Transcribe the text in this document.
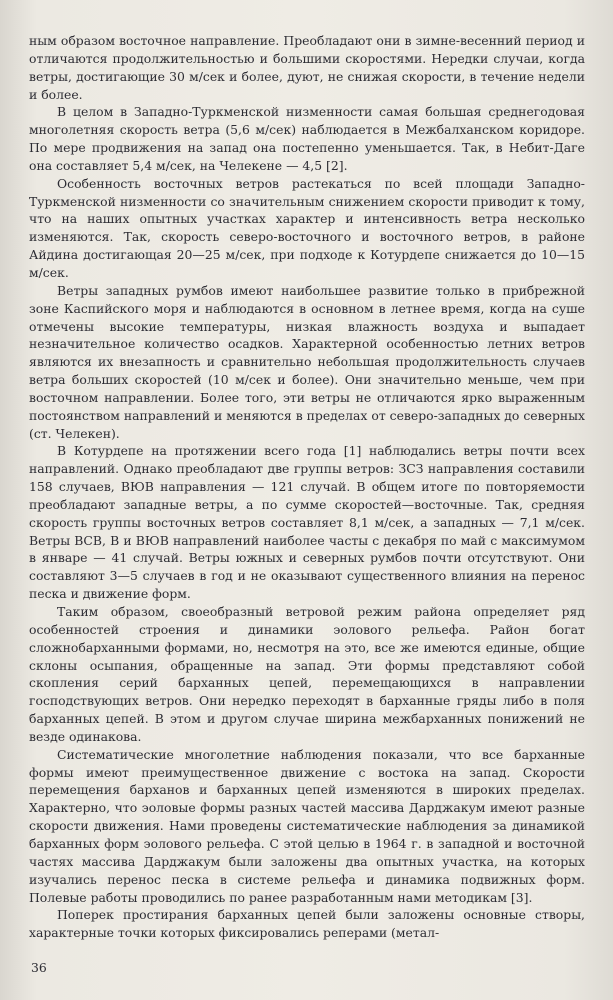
ным образом восточное направление. Преобладают они в зимне-весенний период и отличаются продолжительностью и большими скоростями. Нередки случаи, когда ветры, достигающие 30 м/сек и более, дуют, не снижая скорости, в течение недели и более.

В целом в Западно-Туркменской низменности самая большая среднегодовая многолетняя скорость ветра (5,6 м/сек) наблюдается в Межбалханском коридоре. По мере продвижения на запад она постепенно уменьшается. Так, в Небит-Даге она составляет 5,4 м/сек, на Челекене — 4,5 [2].

Особенность восточных ветров растекаться по всей площади Западно-Туркменской низменности со значительным снижением скорости приводит к тому, что на наших опытных участках характер и интенсивность ветра несколько изменяются. Так, скорость северо-восточного и восточного ветров, в районе Айдина достигающая 20—25 м/сек, при подходе к Котурдепе снижается до 10—15 м/сек.

Ветры западных румбов имеют наибольшее развитие только в прибрежной зоне Каспийского моря и наблюдаются в основном в летнее время, когда на суше отмечены высокие температуры, низкая влажность воздуха и выпадает незначительное количество осадков. Характерной особенностью летних ветров являются их внезапность и сравнительно небольшая продолжительность случаев ветра больших скоростей (10 м/сек и более). Они значительно меньше, чем при восточном направлении. Более того, эти ветры не отличаются ярко выраженным постоянством направлений и меняются в пределах от северо-западных до северных (ст. Челекен).

В Котурдепе на протяжении всего года [1] наблюдались ветры почти всех направлений. Однако преобладают две группы ветров: ЗСЗ направления составили 158 случаев, ВЮВ направления — 121 случай. В общем итоге по повторяемости преобладают западные ветры, а по сумме скоростей—восточные. Так, средняя скорость группы восточных ветров составляет 8,1 м/сек, а западных — 7,1 м/сек. Ветры ВСВ, В и ВЮВ направлений наиболее часты с декабря по май с максимумом в январе — 41 случай. Ветры южных и северных румбов почти отсутствуют. Они составляют 3—5 случаев в год и не оказывают существенного влияния на перенос песка и движение форм.

Таким образом, своеобразный ветровой режим района определяет ряд особенностей строения и динамики эолового рельефа. Район богат сложнобарханными формами, но, несмотря на это, все же имеются единые, общие склоны осыпания, обращенные на запад. Эти формы представляют собой скопления серий барханных цепей, перемещающихся в направлении господствующих ветров. Они нередко переходят в барханные гряды либо в поля барханных цепей. В этом и другом случае ширина межбарханных понижений не везде одинакова.

Систематические многолетние наблюдения показали, что все барханные формы имеют преимущественное движение с востока на запад. Скорости перемещения барханов и барханных цепей изменяются в широких пределах. Характерно, что эоловые формы разных частей массива Дарджакум имеют разные скорости движения. Нами проведены систематические наблюдения за динамикой барханных форм эолового рельефа. С этой целью в 1964 г. в западной и восточной частях массива Дарджакум были заложены два опытных участка, на которых изучались перенос песка в системе рельефа и динамика подвижных форм. Полевые работы проводились по ранее разработанным нами методикам [3].

Поперек простирания барханных цепей были заложены основные створы, характерные точки которых фиксировались реперами (метал-

36
